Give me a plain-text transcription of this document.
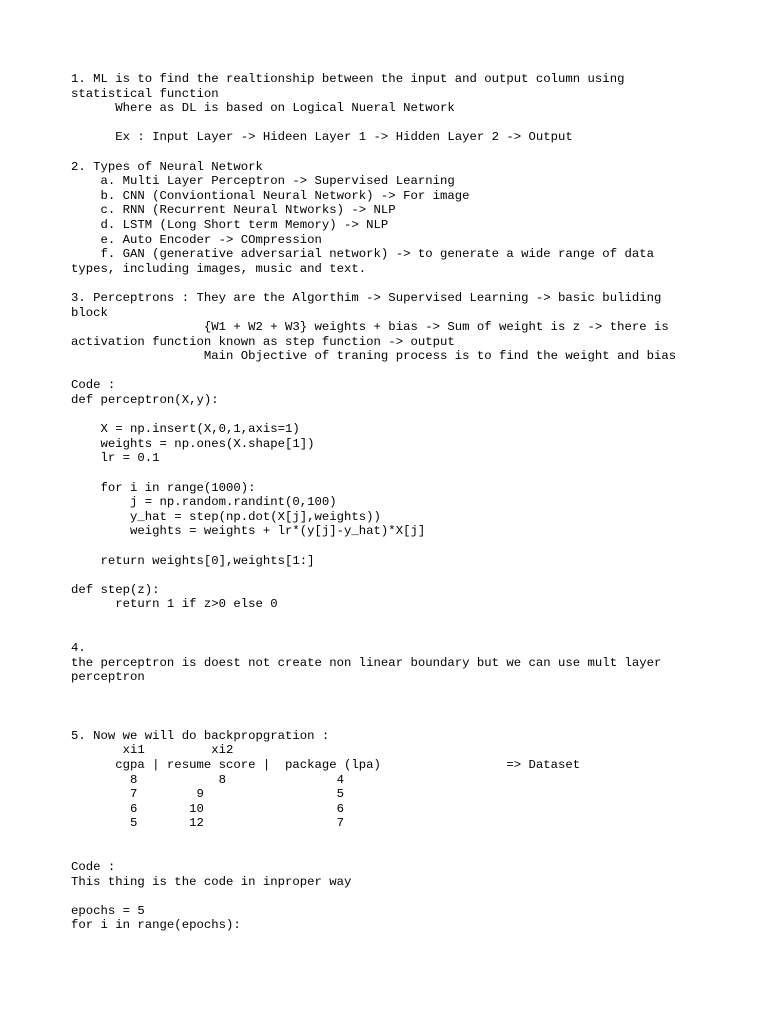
1. ML is to find the realtionship between the input and output column using
statistical function
Where as DL is based on Logical Nueral Network
Ex : Input Layer -> Hideen Layer 1 -> Hidden Layer 2 -> Output
2. Types of Neural Network
a. Multi Layer Perceptron -> Supervised Learning
b. CNN (Conviontional Neural Network) -> For image
c. RNN (Recurrent Neural Ntworks) -> NLP
d. LSTM (Long Short term Memory) -> NLP
e. Auto Encoder -> COmpression
f. GAN (generative adversarial network) -> to generate a wide range of data
types, including images, music and text.
3. Perceptrons : They are the Algorthim -> Supervised Learning -> basic buliding
block
{W1 + W2 + W3} weights + bias -> Sum of weight is z -> there is
activation function known as step function -> output
Main Objective of traning process is to find the weight and bias
Code :
def perceptron(X,y):
X = np.insert(X,0,1,axis=1)
weights = np.ones(X.shape[1])
lr = 0.1
for i in range(1000):
j = np.random.randint(0,100)
y_hat = step(np.dot(X[j],weights))
weights = weights + lr*(y[j]-y_hat)*X[j]
return weights[0],weights[1:]
def step(z):
return 1 if z>0 else 0
4.
the perceptron is doest not create non linear boundary but we can use mult layer
perceptron
5. Now we will do backpropgration :
xi1         xi2
cgpa | resume score |  package (lpa)                 => Dataset
8           8               4
7        9                  5
6       10                  6
5       12                  7
Code :
This thing is the code in inproper way
epochs = 5
for i in range(epochs):
